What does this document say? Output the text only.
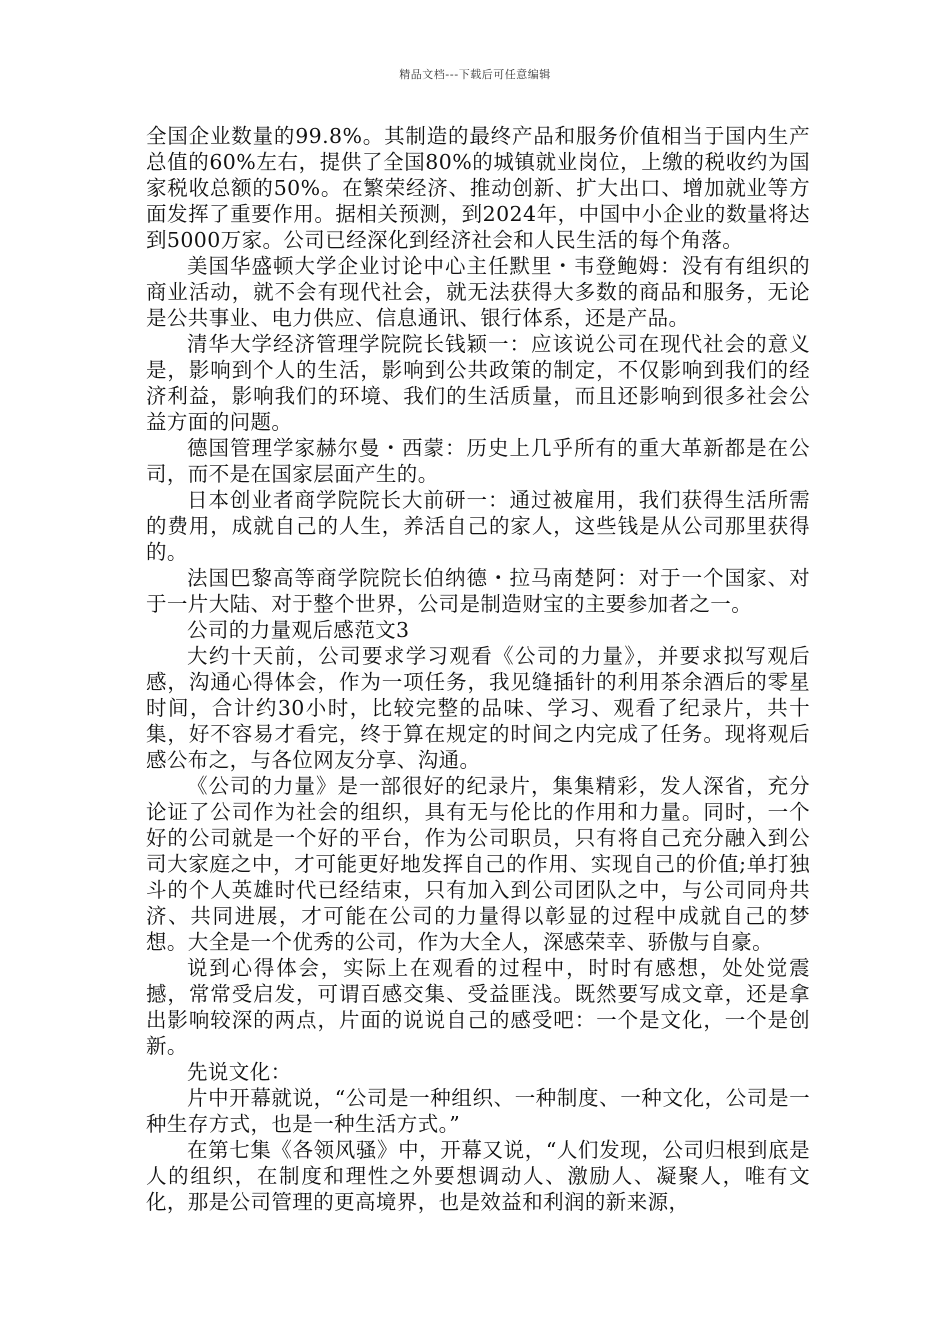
精品文档---下载后可任意编辑

全国企业数量的99.8%。其制造的最终产品和服务价值相当于国内生产总值的60%左右，提供了全国80%的城镇就业岗位，上缴的税收约为国家税收总额的50%。在繁荣经济、推动创新、扩大出口、增加就业等方面发挥了重要作用。据相关预测，到2024年，中国中小企业的数量将达到5000万家。公司已经深化到经济社会和人民生活的每个角落。

美国华盛顿大学企业讨论中心主任默里・韦登鲍姆：没有有组织的商业活动，就不会有现代社会，就无法获得大多数的商品和服务，无论是公共事业、电力供应、信息通讯、银行体系，还是产品。

清华大学经济管理学院院长钱颖一：应该说公司在现代社会的意义是，影响到个人的生活，影响到公共政策的制定，不仅影响到我们的经济利益，影响我们的环境、我们的生活质量，而且还影响到很多社会公益方面的问题。

德国管理学家赫尔曼・西蒙：历史上几乎所有的重大革新都是在公司，而不是在国家层面产生的。

日本创业者商学院院长大前研一：通过被雇用，我们获得生活所需的费用，成就自己的人生，养活自己的家人，这些钱是从公司那里获得的。

法国巴黎高等商学院院长伯纳德・拉马南楚阿：对于一个国家、对于一片大陆、对于整个世界，公司是制造财宝的主要参加者之一。

公司的力量观后感范文3

大约十天前，公司要求学习观看《公司的力量》，并要求拟写观后感，沟通心得体会，作为一项任务，我见缝插针的利用茶余酒后的零星时间，合计约30小时，比较完整的品味、学习、观看了纪录片，共十集，好不容易才看完，终于算在规定的时间之内完成了任务。现将观后感公布之，与各位网友分享、沟通。

《公司的力量》是一部很好的纪录片，集集精彩，发人深省，充分论证了公司作为社会的组织，具有无与伦比的作用和力量。同时，一个好的公司就是一个好的平台，作为公司职员，只有将自己充分融入到公司大家庭之中，才可能更好地发挥自己的作用、实现自己的价值;单打独斗的个人英雄时代已经结束，只有加入到公司团队之中，与公司同舟共济、共同进展，才可能在公司的力量得以彰显的过程中成就自己的梦想。大全是一个优秀的公司，作为大全人，深感荣幸、骄傲与自豪。

说到心得体会，实际上在观看的过程中，时时有感想，处处觉震撼，常常受启发，可谓百感交集、受益匪浅。既然要写成文章，还是拿出影响较深的两点，片面的说说自己的感受吧：一个是文化，一个是创新。

先说文化：

片中开幕就说，“公司是一种组织、一种制度、一种文化，公司是一种生存方式，也是一种生活方式。”

在第七集《各领风骚》中，开幕又说，“人们发现，公司归根到底是人的组织，在制度和理性之外要想调动人、激励人、凝聚人，唯有文化，那是公司管理的更高境界，也是效益和利润的新来源，
